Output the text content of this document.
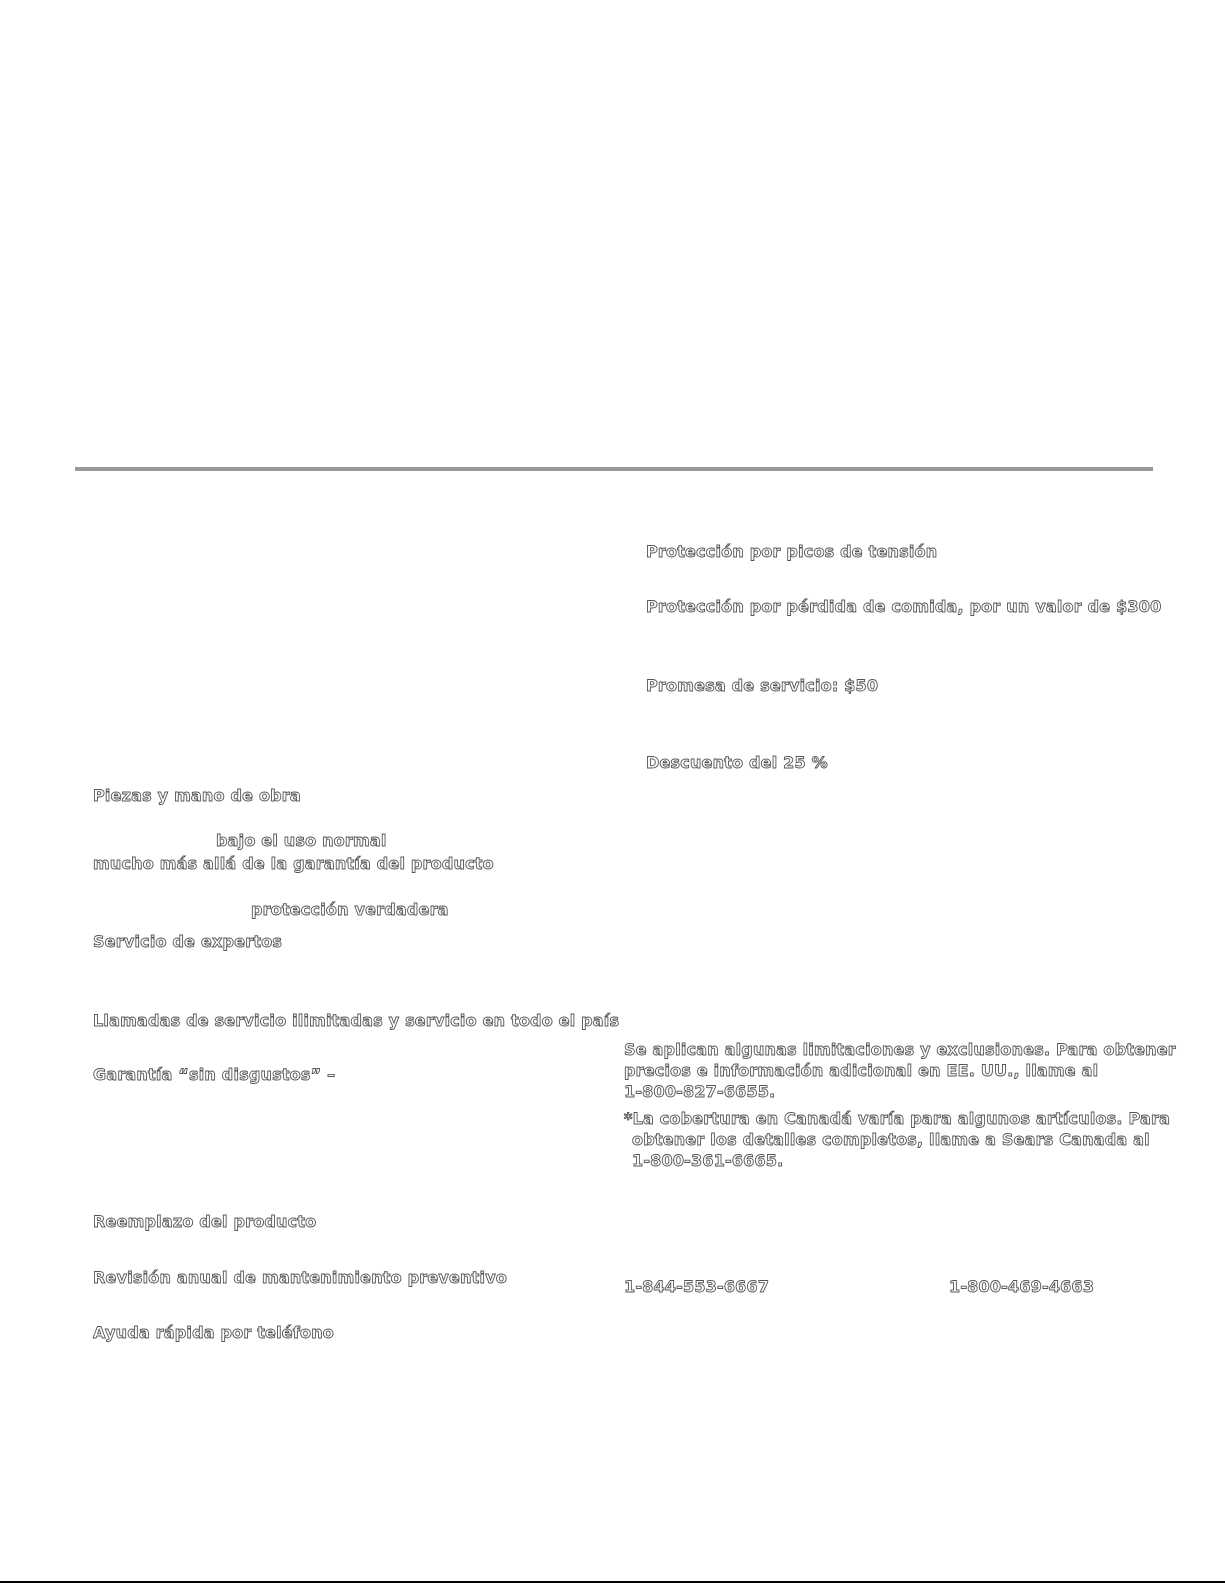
Piezas y mano de obra
bajo el uso normal
mucho más allá de la garantía del producto
protección verdadera
Servicio de expertos
Llamadas de servicio ilimitadas y servicio en todo el país
Garantía “sin disgustos” –
Reemplazo del producto
Revisión anual de mantenimiento preventivo
Ayuda rápida por teléfono
Protección por picos de tensión
Protección por pérdida de comida, por un valor de $300
Promesa de servicio: $50
Descuento del 25 %
Se aplican algunas limitaciones y exclusiones. Para obtener
precios e información adicional en EE. UU., llame al
1-800-827-6655.
*La cobertura en Canadá varía para algunos artículos. Para
obtener los detalles completos, llame a Sears Canada al
1-800-361-6665.
1-844-553-6667	1-800-469-4663
